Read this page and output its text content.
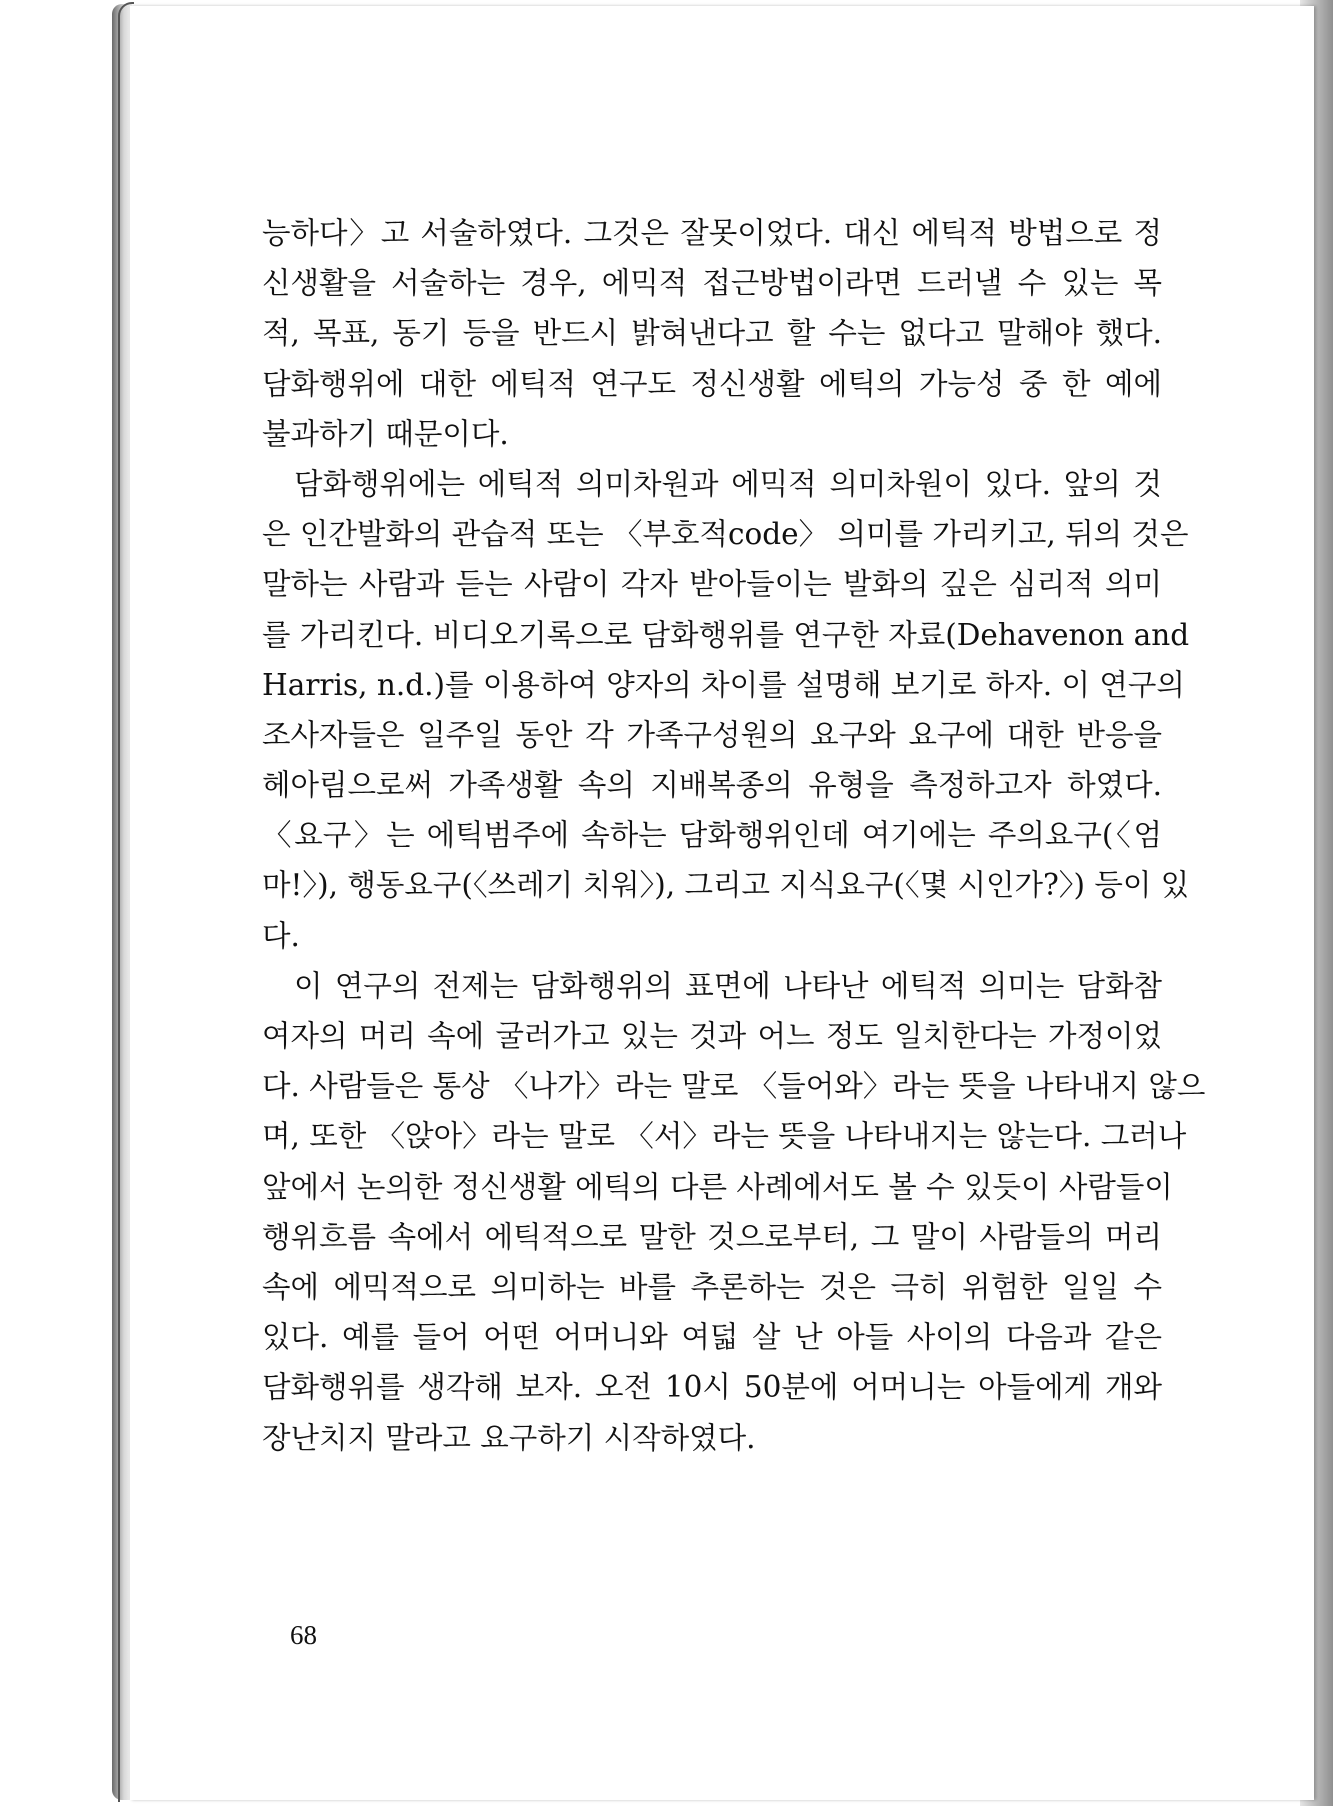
능하다〉고 서술하였다. 그것은 잘못이었다. 대신 에틱적 방법으로 정
신생활을 서술하는 경우, 에믹적 접근방법이라면 드러낼 수 있는 목
적, 목표, 동기 등을 반드시 밝혀낸다고 할 수는 없다고 말해야 했다.
담화행위에 대한 에틱적 연구도 정신생활 에틱의 가능성 중 한 예에
불과하기 때문이다.
담화행위에는 에틱적 의미차원과 에믹적 의미차원이 있다. 앞의 것
은 인간발화의 관습적 또는 〈부호적code〉 의미를 가리키고, 뒤의 것은
말하는 사람과 듣는 사람이 각자 받아들이는 발화의 깊은 심리적 의미
를 가리킨다. 비디오기록으로 담화행위를 연구한 자료(Dehavenon and
Harris, n.d.)를 이용하여 양자의 차이를 설명해 보기로 하자. 이 연구의
조사자들은 일주일 동안 각 가족구성원의 요구와 요구에 대한 반응을
헤아림으로써 가족생활 속의 지배복종의 유형을 측정하고자 하였다.
〈요구〉는 에틱범주에 속하는 담화행위인데 여기에는 주의요구(〈엄
마!〉), 행동요구(〈쓰레기 치워〉), 그리고 지식요구(〈몇 시인가?〉) 등이 있
다.
이 연구의 전제는 담화행위의 표면에 나타난 에틱적 의미는 담화참
여자의 머리 속에 굴러가고 있는 것과 어느 정도 일치한다는 가정이었
다. 사람들은 통상 〈나가〉라는 말로 〈들어와〉라는 뜻을 나타내지 않으
며, 또한 〈앉아〉라는 말로 〈서〉라는 뜻을 나타내지는 않는다. 그러나
앞에서 논의한 정신생활 에틱의 다른 사례에서도 볼 수 있듯이 사람들이
행위흐름 속에서 에틱적으로 말한 것으로부터, 그 말이 사람들의 머리
속에 에믹적으로 의미하는 바를 추론하는 것은 극히 위험한 일일 수
있다. 예를 들어 어떤 어머니와 여덟 살 난 아들 사이의 다음과 같은
담화행위를 생각해 보자. 오전 10시 50분에 어머니는 아들에게 개와
장난치지 말라고 요구하기 시작하였다.
68
